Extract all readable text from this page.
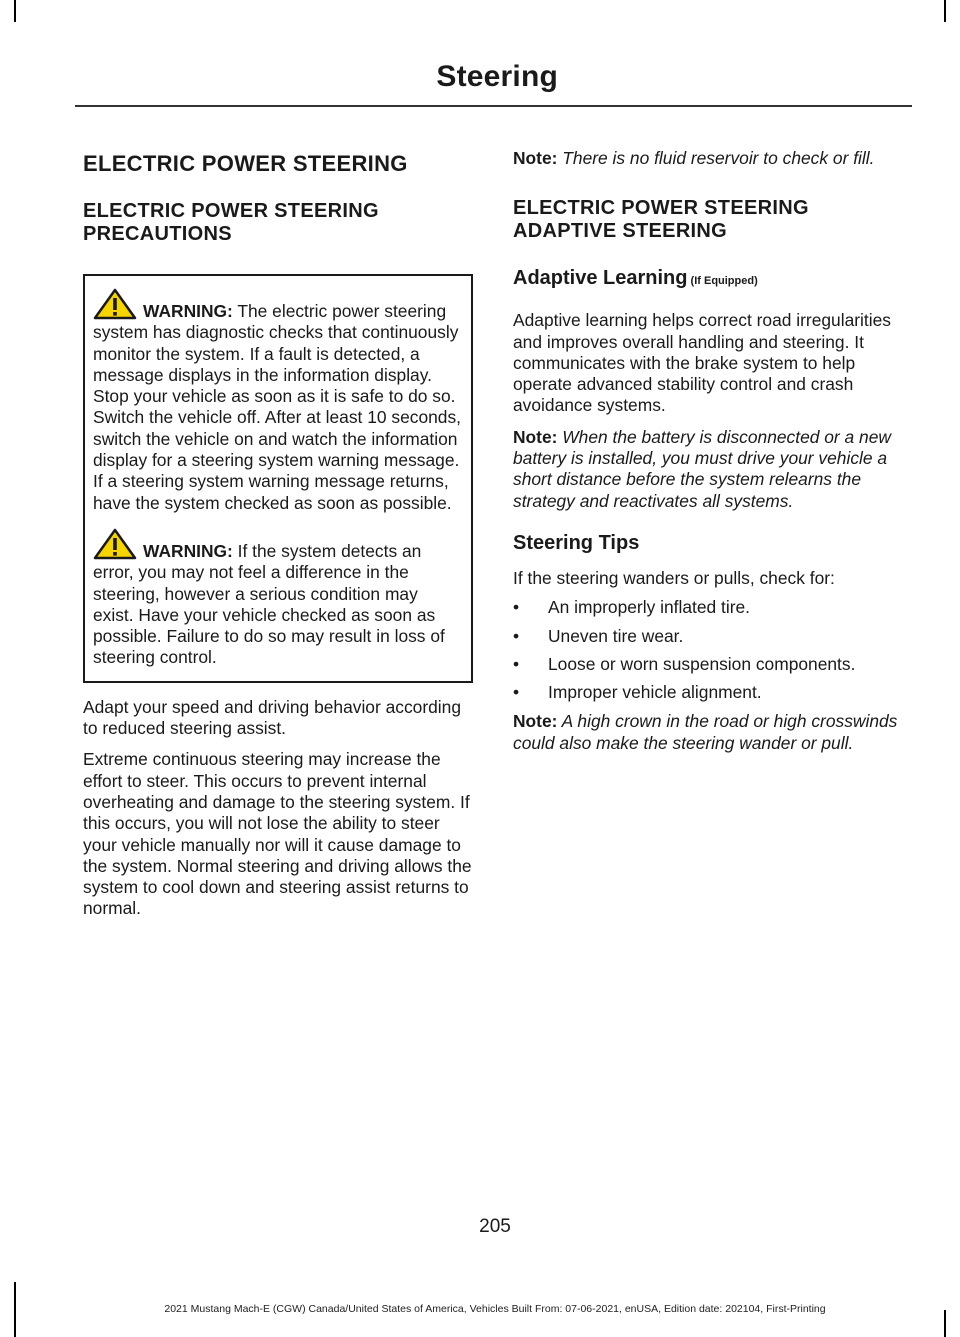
Steering
ELECTRIC POWER STEERING
ELECTRIC POWER STEERING PRECAUTIONS

WARNING: The electric power steering system has diagnostic checks that continuously monitor the system. If a fault is detected, a message displays in the information display. Stop your vehicle as soon as it is safe to do so. Switch the vehicle off. After at least 10 seconds, switch the vehicle on and watch the information display for a steering system warning message. If a steering system warning message returns, have the system checked as soon as possible.

WARNING: If the system detects an error, you may not feel a difference in the steering, however a serious condition may exist. Have your vehicle checked as soon as possible. Failure to do so may result in loss of steering control.

Adapt your speed and driving behavior according to reduced steering assist.

Extreme continuous steering may increase the effort to steer. This occurs to prevent internal overheating and damage to the steering system. If this occurs, you will not lose the ability to steer your vehicle manually nor will it cause damage to the system. Normal steering and driving allows the system to cool down and steering assist returns to normal.

Note: There is no fluid reservoir to check or fill.

ELECTRIC POWER STEERING ADAPTIVE STEERING
Adaptive Learning (If Equipped)

Adaptive learning helps correct road irregularities and improves overall handling and steering. It communicates with the brake system to help operate advanced stability control and crash avoidance systems.

Note: When the battery is disconnected or a new battery is installed, you must drive your vehicle a short distance before the system relearns the strategy and reactivates all systems.

Steering Tips

If the steering wanders or pulls, check for:

• An improperly inflated tire.
• Uneven tire wear.
• Loose or worn suspension components.
• Improper vehicle alignment.

Note: A high crown in the road or high crosswinds could also make the steering wander or pull.

205
2021 Mustang Mach-E (CGW) Canada/United States of America, Vehicles Built From: 07-06-2021, enUSA, Edition date: 202104, First-Printing
